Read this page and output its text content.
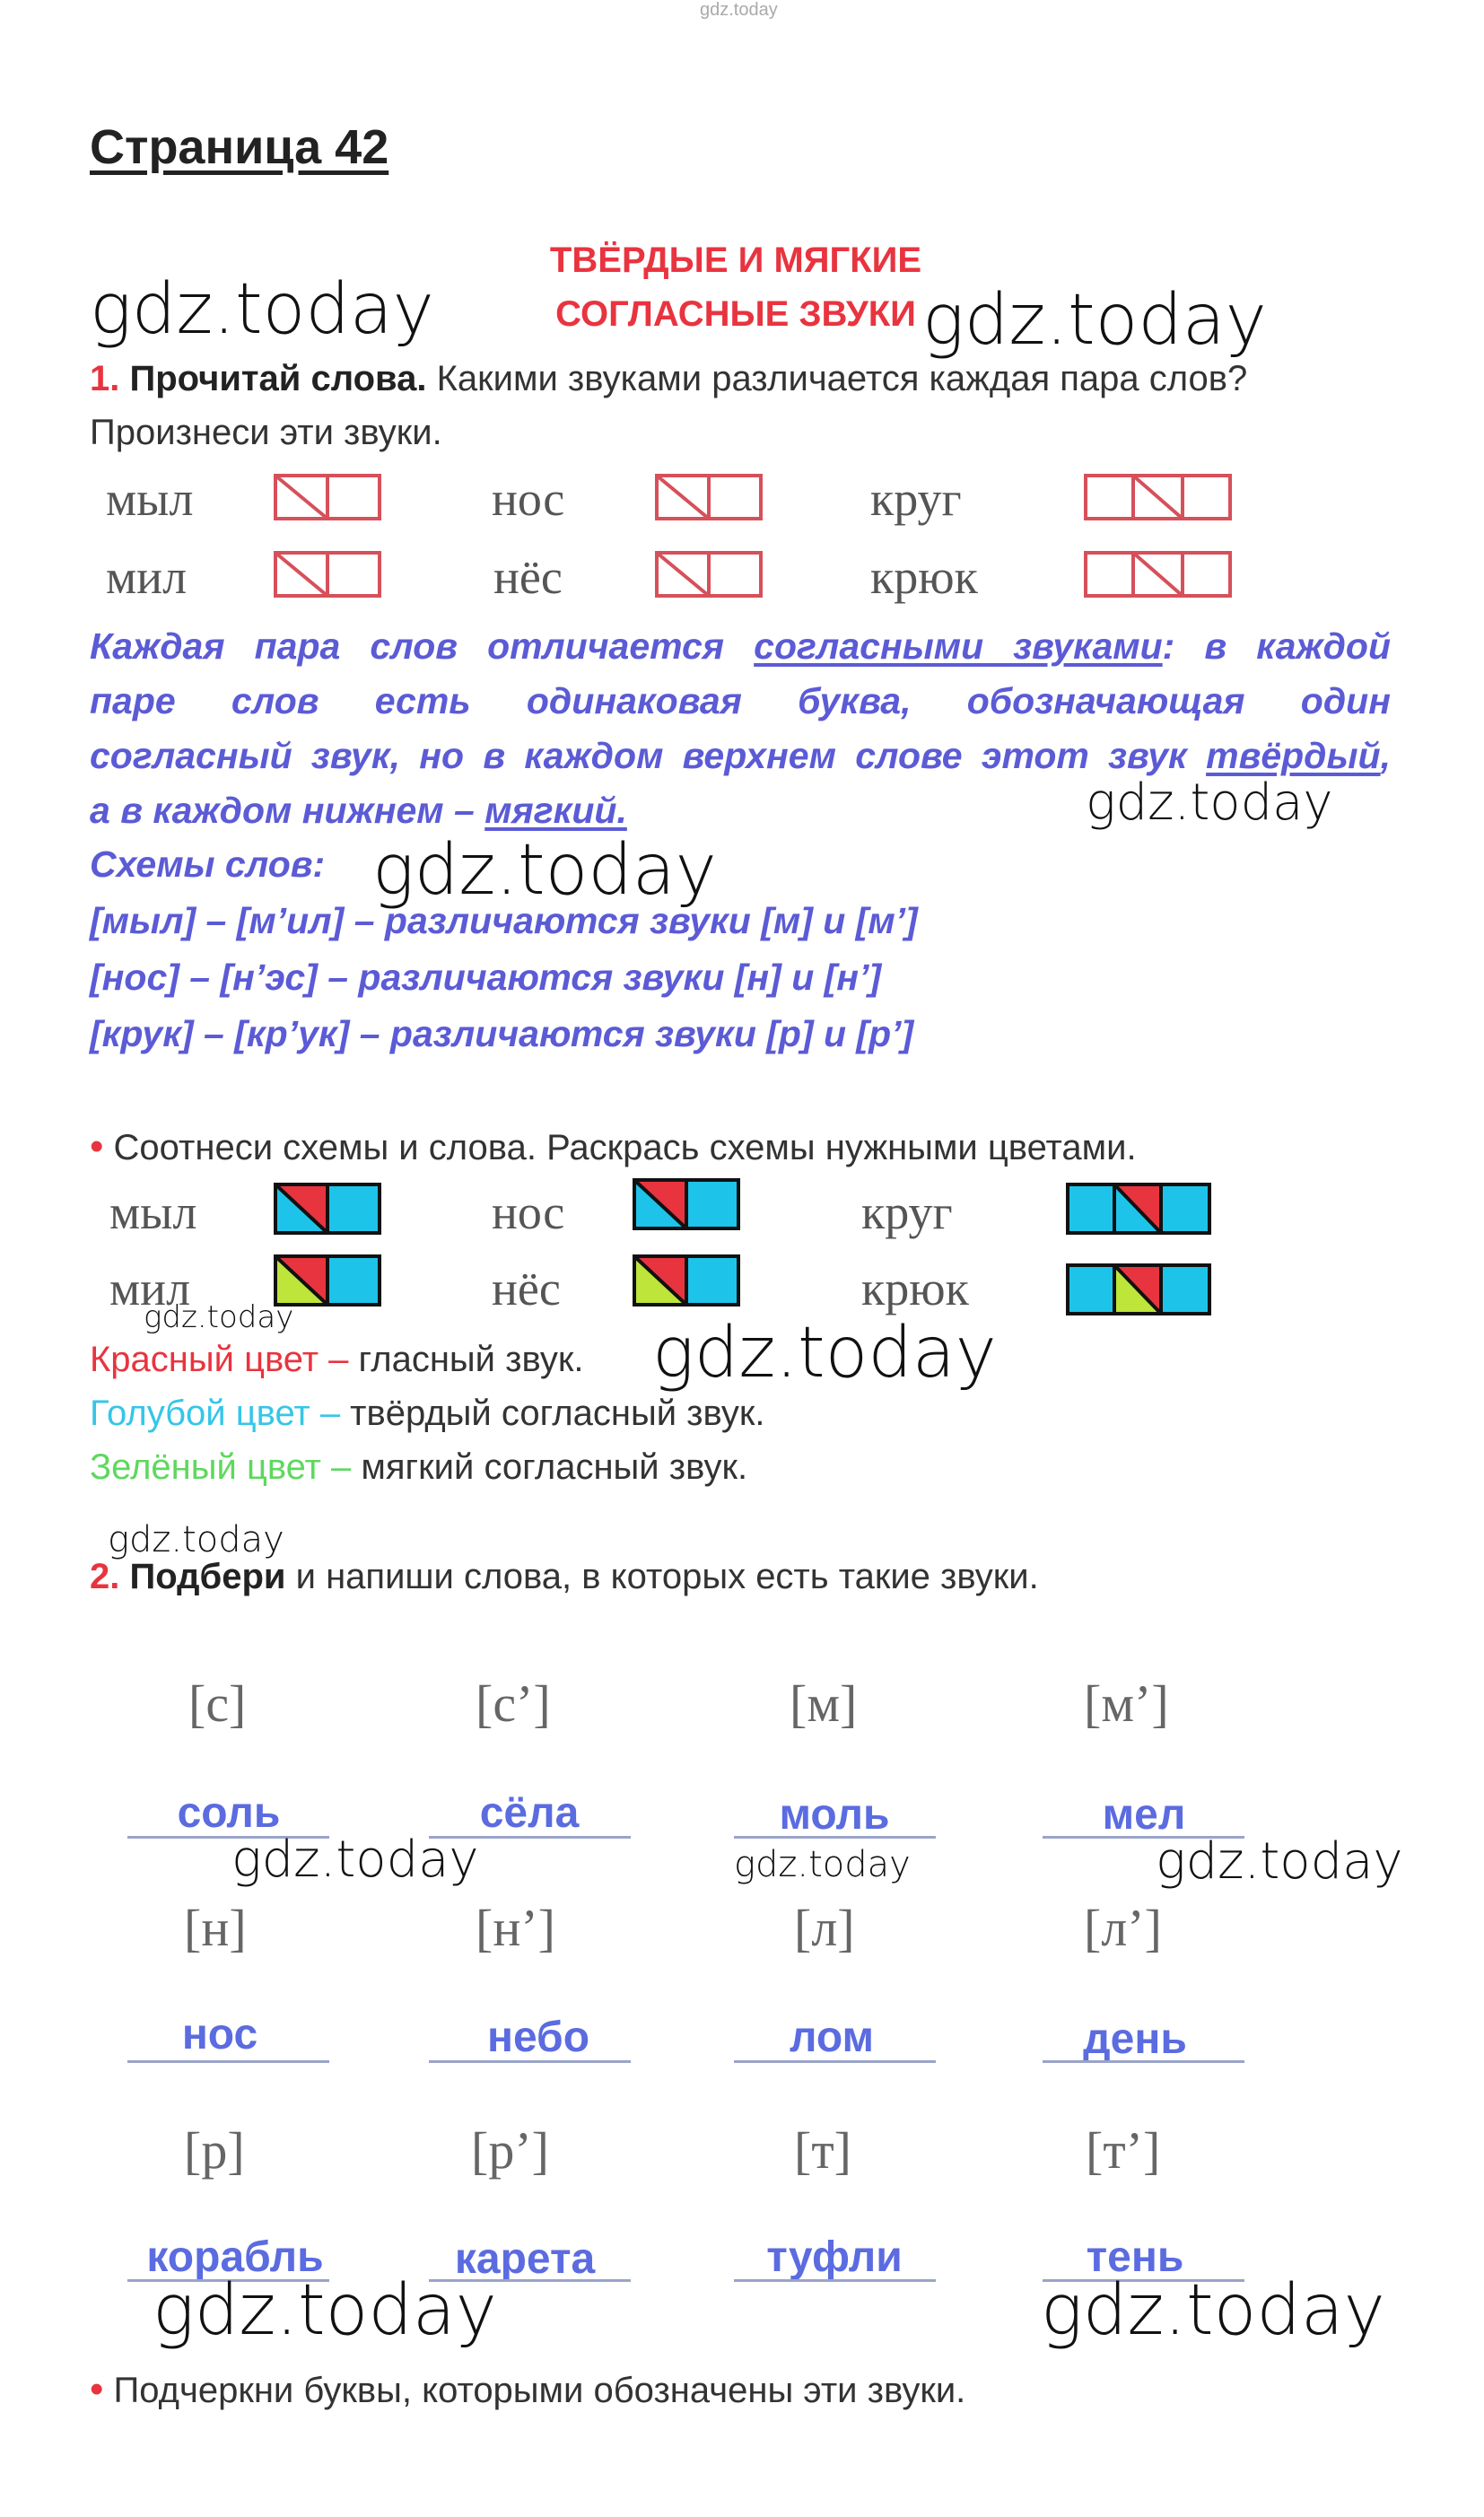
gdz.today
Страница 42
ТВЁРДЫЕ И МЯГКИЕ
СОГЛАСНЫЕ ЗВУКИ
gdz.today	gdz.today
1. Прочитай слова. Какими звуками различается каждая пара слов?
Произнеси эти звуки.
мыл	нос	круг
мил	нёс	крюк
Каждая пара слов отличается согласными звуками: в каждой
паре слов есть одинаковая буква, обозначающая один
согласный звук, но в каждом верхнем слове этот звук твёрдый,
а в каждом нижнем – мягкий.	gdz.today
Схемы слов: gdz.today
[мыл] – [м’ил] – различаются звуки [м] и [м’]
[нос] – [н’эс] – различаются звуки [н] и [н’]
[крук] – [кр’ук] – различаются звуки [р] и [р’]
• Соотнеси схемы и слова. Раскрась схемы нужными цветами.
мыл	нос	круг
мил	нёс	крюк
gdz.today
Красный цвет – гласный звук. gdz.today
Голубой цвет – твёрдый согласный звук.
Зелёный цвет – мягкий согласный звук.
gdz.today
2. Подбери и напиши слова, в которых есть такие звуки.
[с]	[с’]	[м]	[м’]
соль	сёла	моль	мел
gdz.today	gdz.today	gdz.today
[н]	[н’]	[л]	[л’]
нос	небо	лом	день
[р]	[р’]	[т]	[т’]
корабль	карета	туфли	тень
gdz.today	gdz.today
• Подчеркни буквы, которыми обозначены эти звуки.
